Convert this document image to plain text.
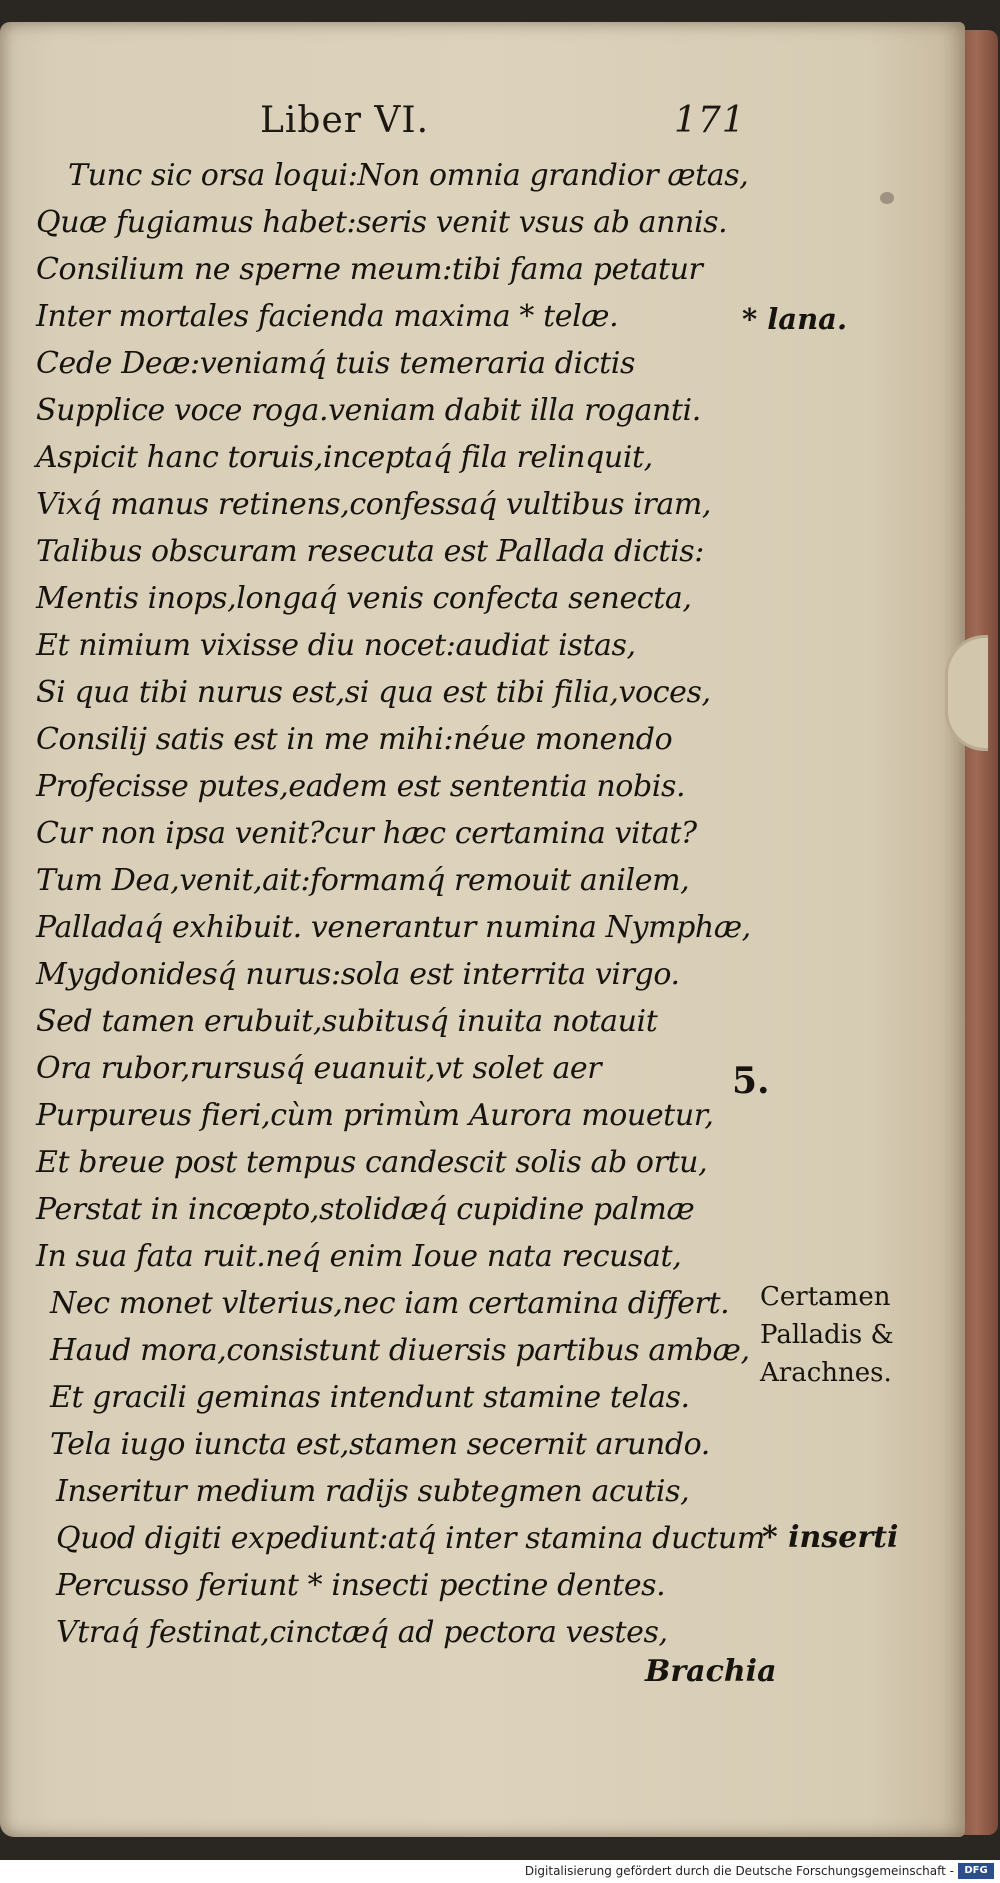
Liber VI.	171
Tunc sic orsa loqui:Non omnia grandior ætas,
Quæ fugiamus habet:seris venit vsus ab annis.
Consilium ne sperne meum:tibi fama petatur
Inter mortales facienda maxima * telæ.
Cede Deæ:veniamq́ tuis temeraria dictis
Supplice voce roga.veniam dabit illa roganti.
Aspicit hanc toruis,inceptaq́ fila relinquit,
Vixq́ manus retinens,confessaq́ vultibus iram,
Talibus obscuram resecuta est Pallada dictis:
Mentis inops,longaq́ venis confecta senecta,
Et nimium vixisse diu nocet:audiat istas,
Si qua tibi nurus est,si qua est tibi filia,voces,
Consilij satis est in me mihi:néue monendo
Profecisse putes,eadem est sententia nobis.
Cur non ipsa venit?cur hæc certamina vitat?
Tum Dea,venit,ait:formamq́ remouit anilem,
Palladaq́ exhibuit. venerantur numina Nymphæ,
Mygdonidesq́ nurus:sola est interrita virgo.
Sed tamen erubuit,subitusq́ inuita notauit
Ora rubor,rursusq́ euanuit,vt solet aer
Purpureus fieri,cùm primùm Aurora mouetur,
Et breue post tempus candescit solis ab ortu,
Perstat in incœpto,stolidæq́ cupidine palmæ
In sua fata ruit.neq́ enim Ioue nata recusat,
Nec monet vlterius,nec iam certamina differt.
Haud mora,consistunt diuersis partibus ambæ,
Et gracili geminas intendunt stamine telas.
Tela iugo iuncta est,stamen secernit arundo.
Inseritur medium radijs subtegmen acutis,
Quod digiti expediunt:atq́ inter stamina ductum
Percusso feriunt * insecti pectine dentes.
Vtraq́ festinat,cinctæq́ ad pectora vestes,
* lana.
5.
Certamen
Palladis &
Arachnes.
* inserti
Brachia
Digitalisierung gefördert durch die Deutsche Forschungsgemeinschaft -	DFG
